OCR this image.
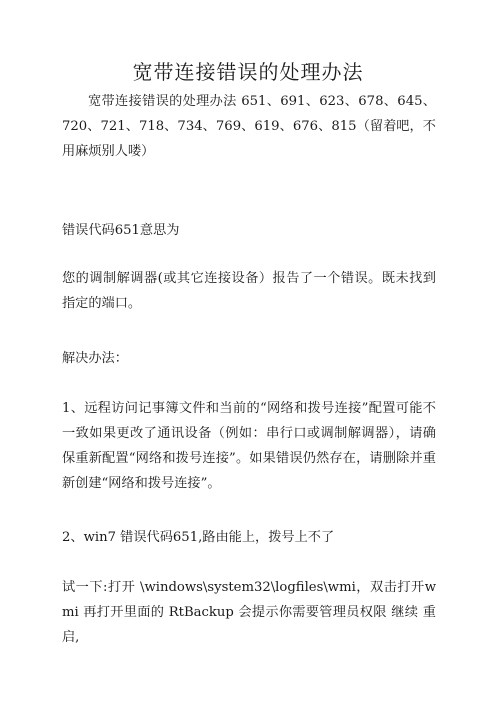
宽带连接错误的处理办法

宽带连接错误的处理办法 651、691、623、678、645、720、721、718、734、769、619、676、815（留着吧，不用麻烦别人喽）

错误代码651意思为

您的调制解调器(或其它连接设备）报告了一个错误。既未找到指定的端口。

解决办法：

1、远程访问记事簿文件和当前的“网络和拨号连接”配置可能不一致如果更改了通讯设备（例如：串行口或调制解调器），请确保重新配置“网络和拨号连接”。如果错误仍然存在，请删除并重新创建“网络和拨号连接”。

2、win7 错误代码651,路由能上，拨号上不了

试一下:打开 \windows\system32\logfiles\wmi，双击打开wmi 再打开里面的 RtBackup 会提示你需要管理员权限 继续 重启,
